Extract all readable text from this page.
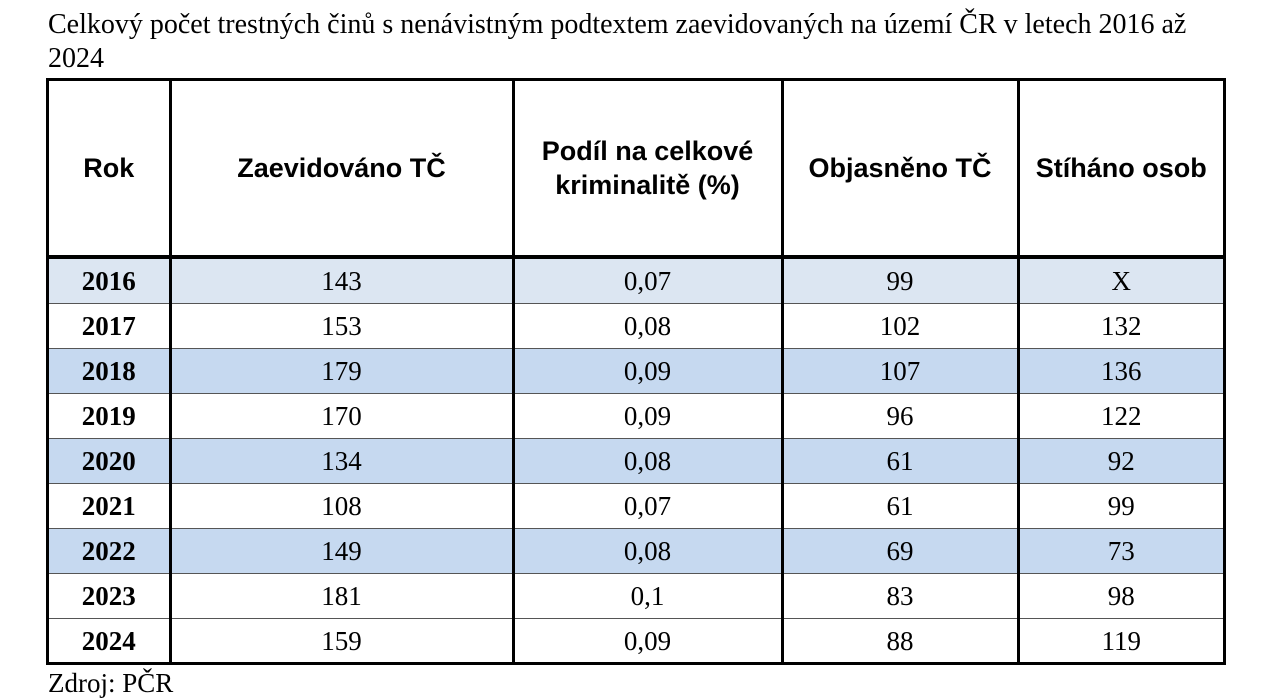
Celkový počet trestných činů s nenávistným podtextem zaevidovaných na území ČR v letech 2016 až 2024

Rok	Zaevidováno TČ	Podíl na celkové kriminalitě (%)	Objasněno TČ	Stíháno osob
2016	143	0,07	99	X
2017	153	0,08	102	132
2018	179	0,09	107	136
2019	170	0,09	96	122
2020	134	0,08	61	92
2021	108	0,07	61	99
2022	149	0,08	69	73
2023	181	0,1	83	98
2024	159	0,09	88	119

Zdroj: PČR
